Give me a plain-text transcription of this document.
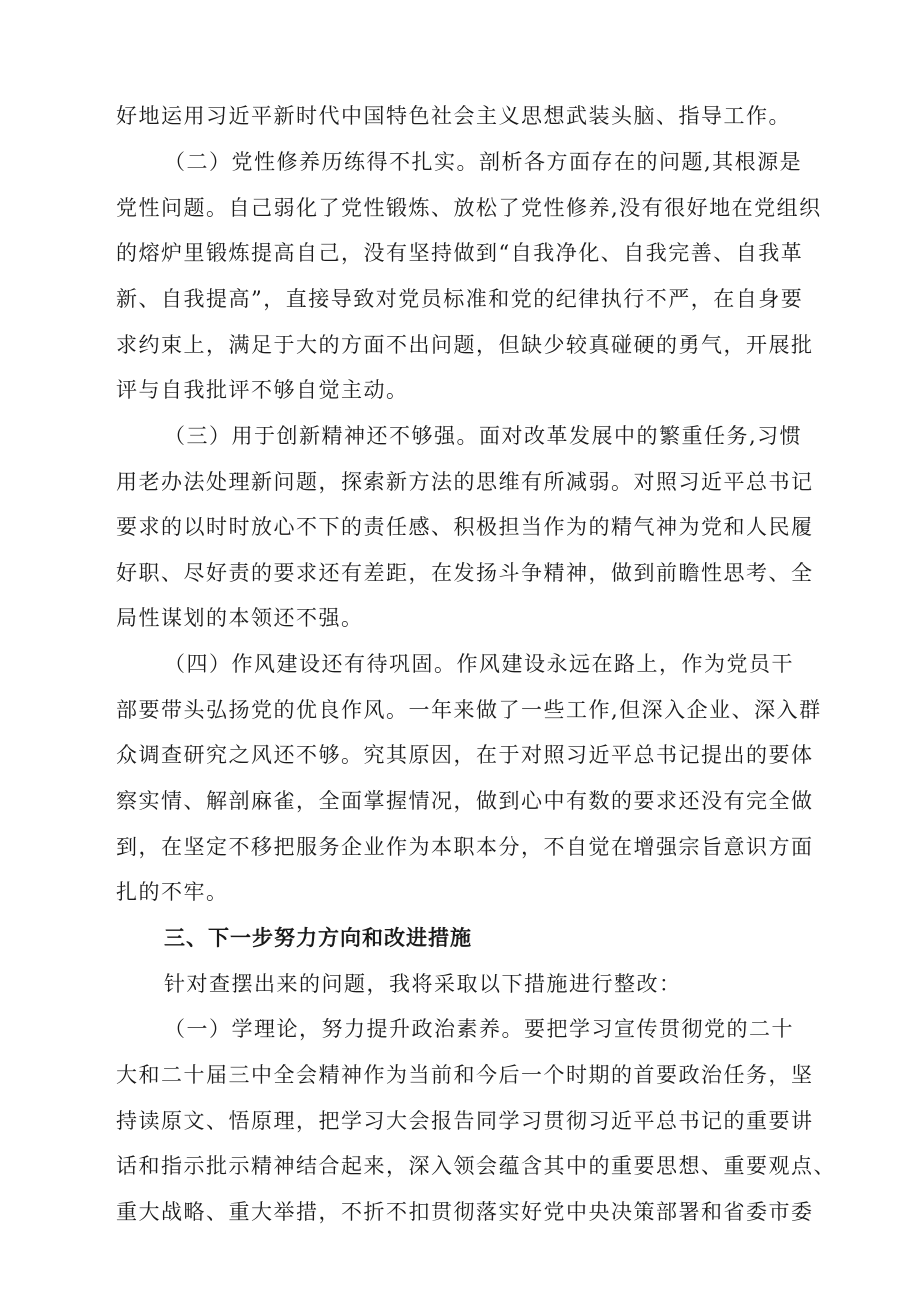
好地运用习近平新时代中国特色社会主义思想武装头脑、指导工作。
（二）党性修养历练得不扎实。剖析各方面存在的问题,其根源是
党性问题。自己弱化了党性锻炼、放松了党性修养,没有很好地在党组织
的熔炉里锻炼提高自己，没有坚持做到“自我净化、自我完善、自我革
新、自我提高”，直接导致对党员标准和党的纪律执行不严，在自身要
求约束上，满足于大的方面不出问题，但缺少较真碰硬的勇气，开展批
评与自我批评不够自觉主动。
（三）用于创新精神还不够强。面对改革发展中的繁重任务,习惯
用老办法处理新问题，探索新方法的思维有所减弱。对照习近平总书记
要求的以时时放心不下的责任感、积极担当作为的精气神为党和人民履
好职、尽好责的要求还有差距，在发扬斗争精神，做到前瞻性思考、全
局性谋划的本领还不强。
（四）作风建设还有待巩固。作风建设永远在路上，作为党员干
部要带头弘扬党的优良作风。一年来做了一些工作,但深入企业、深入群
众调查研究之风还不够。究其原因，在于对照习近平总书记提出的要体
察实情、解剖麻雀，全面掌握情况，做到心中有数的要求还没有完全做
到，在坚定不移把服务企业作为本职本分，不自觉在增强宗旨意识方面
扎的不牢。
三、下一步努力方向和改进措施
针对查摆出来的问题，我将采取以下措施进行整改：
（一）学理论，努力提升政治素养。要把学习宣传贯彻党的二十
大和二十届三中全会精神作为当前和今后一个时期的首要政治任务，坚
持读原文、悟原理，把学习大会报告同学习贯彻习近平总书记的重要讲
话和指示批示精神结合起来，深入领会蕴含其中的重要思想、重要观点、
重大战略、重大举措，不折不扣贯彻落实好党中央决策部署和省委市委
